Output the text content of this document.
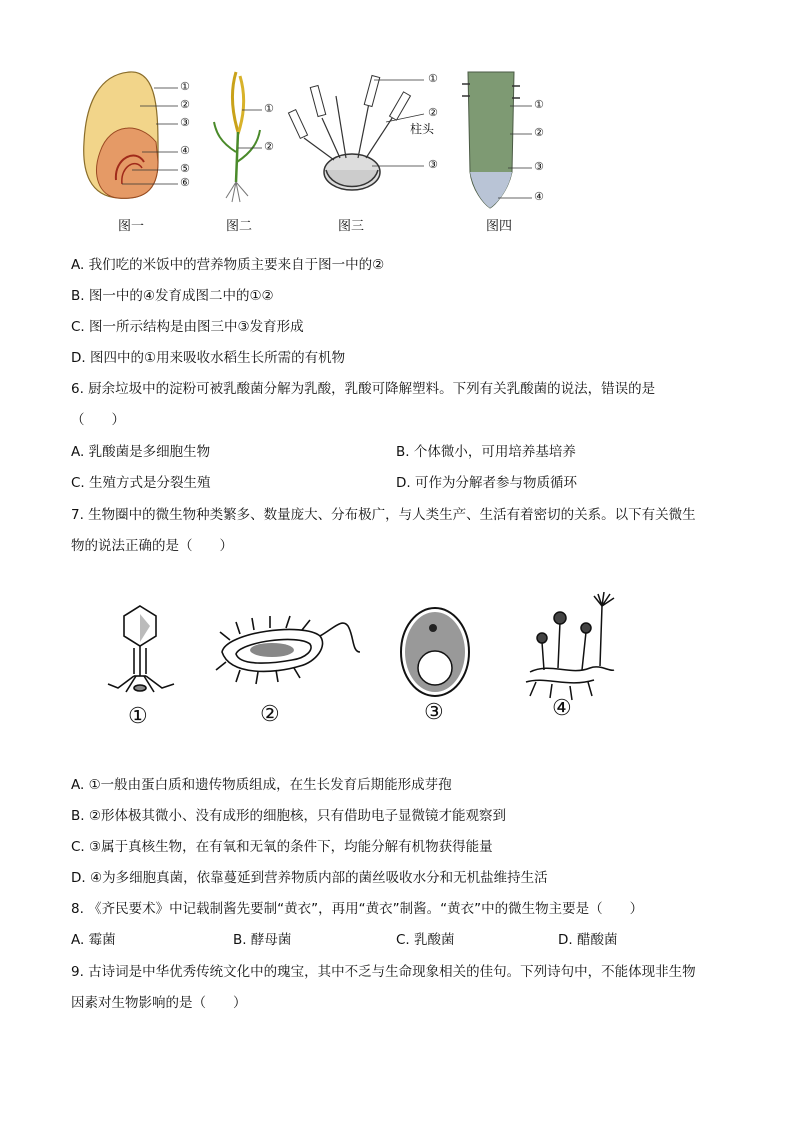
①
②
③
④
⑤
⑥
图一
①
②
图二
①
②
柱头
③
图三
①
②
③
④
图四
A. 我们吃的米饭中的营养物质主要来自于图一中的②
B. 图一中的④发育成图二中的①②
C. 图一所示结构是由图三中③发育形成
D. 图四中的①用来吸收水稻生长所需的有机物
6. 厨余垃圾中的淀粉可被乳酸菌分解为乳酸，乳酸可降解塑料。下列有关乳酸菌的说法，错误的是
（　　）
A. 乳酸菌是多细胞生物	B. 个体微小，可用培养基培养
C. 生殖方式是分裂生殖	D. 可作为分解者参与物质循环
7. 生物圈中的微生物种类繁多、数量庞大、分布极广，与人类生产、生活有着密切的关系。以下有关微生
物的说法正确的是（　　）
①	②	③	④
A. ①一般由蛋白质和遗传物质组成，在生长发育后期能形成芽孢
B. ②形体极其微小、没有成形的细胞核，只有借助电子显微镜才能观察到
C. ③属于真核生物，在有氧和无氧的条件下，均能分解有机物获得能量
D. ④为多细胞真菌，依靠蔓延到营养物质内部的菌丝吸收水分和无机盐维持生活
8. 《齐民要术》中记载制酱先要制“黄衣”，再用“黄衣”制酱。“黄衣”中的微生物主要是（　　）
A. 霉菌	B. 酵母菌	C. 乳酸菌	D. 醋酸菌
9. 古诗词是中华优秀传统文化中的瑰宝，其中不乏与生命现象相关的佳句。下列诗句中，不能体现非生物
因素对生物影响的是（　　）
